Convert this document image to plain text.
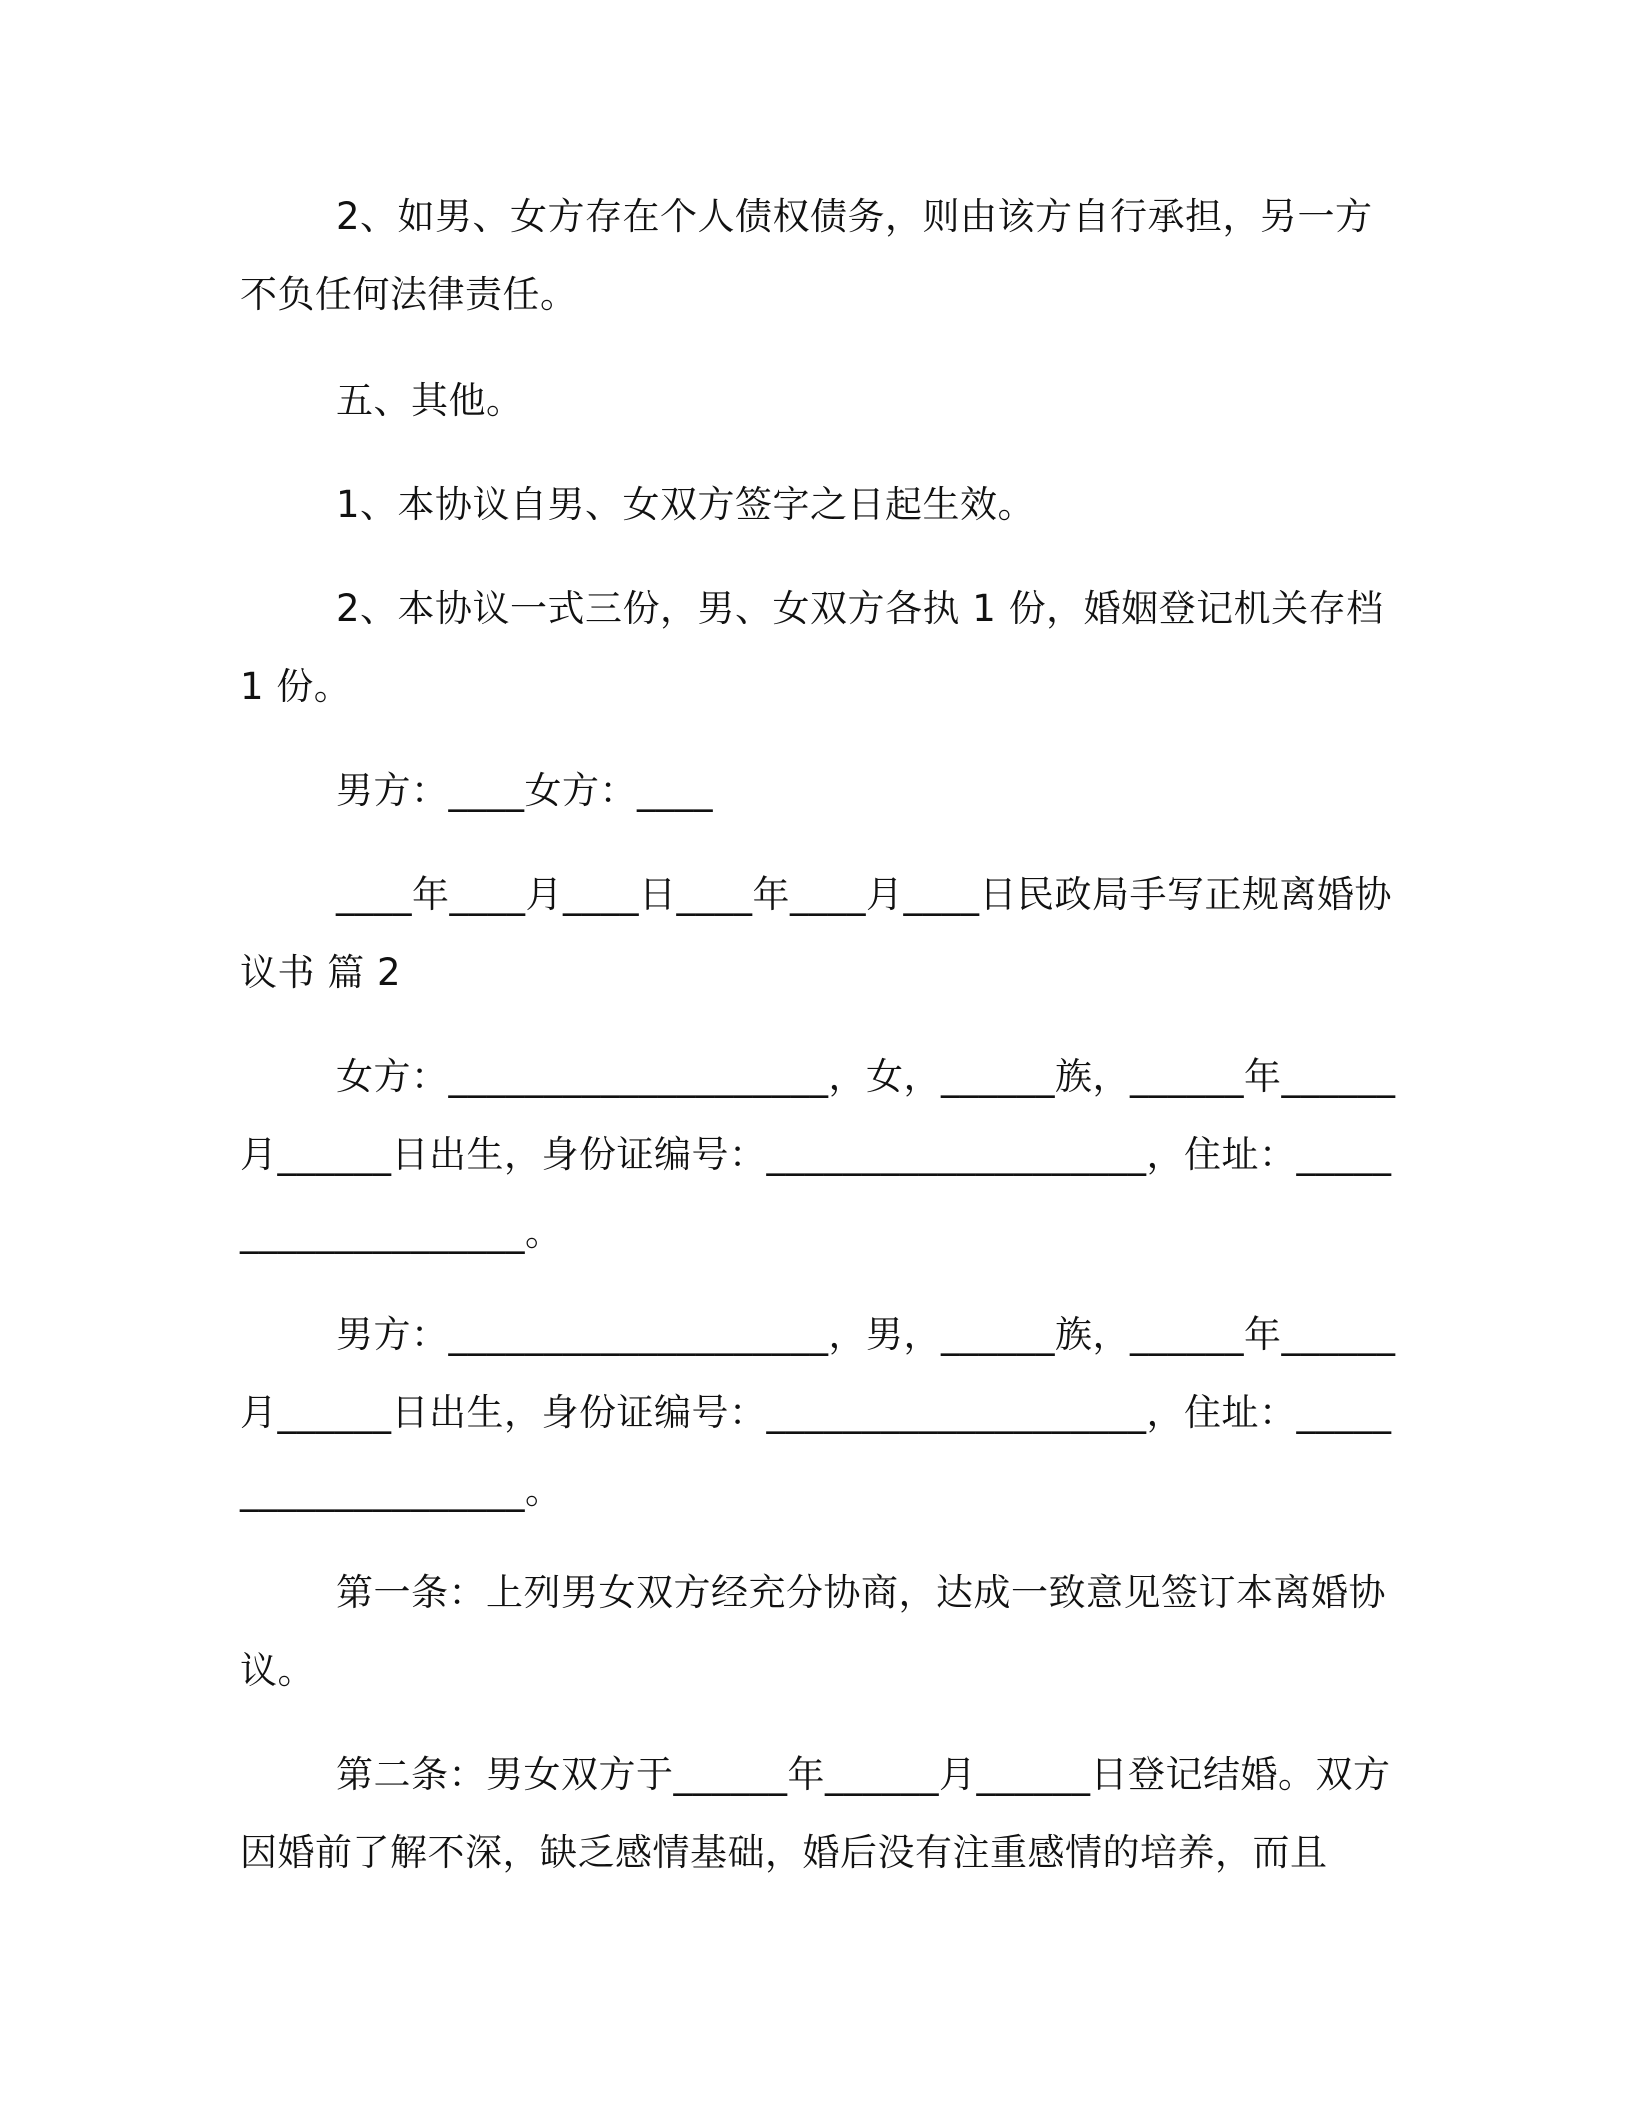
2、如男、女方存在个人债权债务，则由该方自行承担，另一方不负任何法律责任。

五、其他。

1、本协议自男、女双方签字之日起生效。

2、本协议一式三份，男、女双方各执 1 份，婚姻登记机关存档 1 份。

男方：____女方：____

____年____月____日____年____月____日民政局手写正规离婚协议书 篇 2

女方：____________________，女，______族，______年______月______日出生，身份证编号：____________________，住址：____________________。

男方：____________________，男，______族，______年______月______日出生，身份证编号：____________________，住址：____________________。

第一条：上列男女双方经充分协商，达成一致意见签订本离婚协议。

第二条：男女双方于______年______月______日登记结婚。双方因婚前了解不深，缺乏感情基础，婚后没有注重感情的培养，而且
